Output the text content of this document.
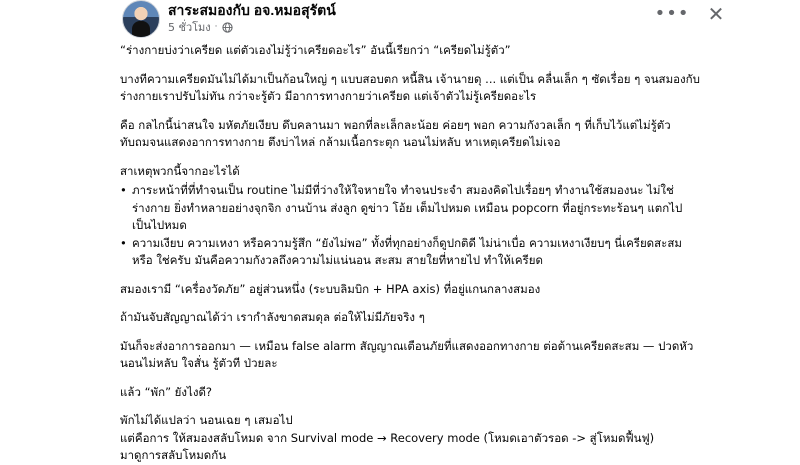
สาระสมองกับ อจ.หมอสุรัตน์
5 ชั่วโมง ·
••• ✕

“ร่างกายบ่งว่าเครียด แต่ตัวเองไม่รู้ว่าเครียดอะไร” อันนี้เรียกว่า “เครียดไม่รู้ตัว”

บางทีความเครียดมันไม่ได้มาเป็นก้อนใหญ่ ๆ แบบสอบตก หนี้สิน เจ้านายดุ ... แต่เป็น คลื่นเล็ก ๆ ซัดเรื่อย ๆ จนสมองกับร่างกายเราปรับไม่ทัน กว่าจะรู้ตัว มีอาการทางกายว่าเครียด แต่เจ้าตัวไม่รู้เครียดอะไร

คือ กลไกนี้น่าสนใจ มหัตภัยเงียบ ดึบคลานมา พอกที่ละเล็กละน้อย ค่อยๆ พอก ความกังวลเล็ก ๆ ที่เก็บไว้แต่ไม่รู้ตัว ทับถมจนแสดงอาการทางกาย ตึงบ่าไหล่ กล้ามเนื้อกระตุก นอนไม่หลับ หาเหตุเครียดไม่เจอ

สาเหตุพวกนี้จากอะไรได้

• ภาระหน้าที่ที่ทำจนเป็น routine ไม่มีที่ว่างให้ใจหายใจ ทำจนประจำ สมองคิดไปเรื่อยๆ ทำงานใช้สมองนะ ไม่ใช่ร่างกาย ยิ่งทำหลายอย่างจุกจิก งานบ้าน ส่งลูก ดูข่าว โอ้ย เต็มไปหมด เหมือน popcorn ที่อยู่กระทะร้อนๆ แตกไปเป็นไปหมด
• ความเงียบ ความเหงา หรือความรู้สึก “ยังไม่พอ” ทั้งที่ทุกอย่างก็ดูปกติดี ไม่น่าเบื่อ ความเหงาเงียบๆ นี่เครียดสะสมหรือ ใช่ครับ มันคือความกังวลถึงความไม่แน่นอน สะสม สายใยที่หายไป ทำให้เครียด

สมองเรามี “เครื่องวัดภัย” อยู่ส่วนหนึ่ง (ระบบลิมบิก + HPA axis) ที่อยู่แกนกลางสมอง

ถ้ามันจับสัญญาณได้ว่า เรากำลังขาดสมดุล ต่อให้ไม่มีภัยจริง ๆ

มันก็จะส่งอาการออกมา — เหมือน false alarm สัญญาณเตือนภัยที่แสดงออกทางกาย ต่อต้านเครียดสะสม — ปวดหัว นอนไม่หลับ ใจสั่น รู้ตัวที ป่วยละ

แล้ว “พัก” ยังไงดี?

พักไม่ได้แปลว่า นอนเฉย ๆ เสมอไป
แต่คือการ ให้สมองสลับโหมด จาก Survival mode → Recovery mode (โหมดเอาตัวรอด -> สู่โหมดฟื้นฟู)
มาดูการสลับโหมดกัน
